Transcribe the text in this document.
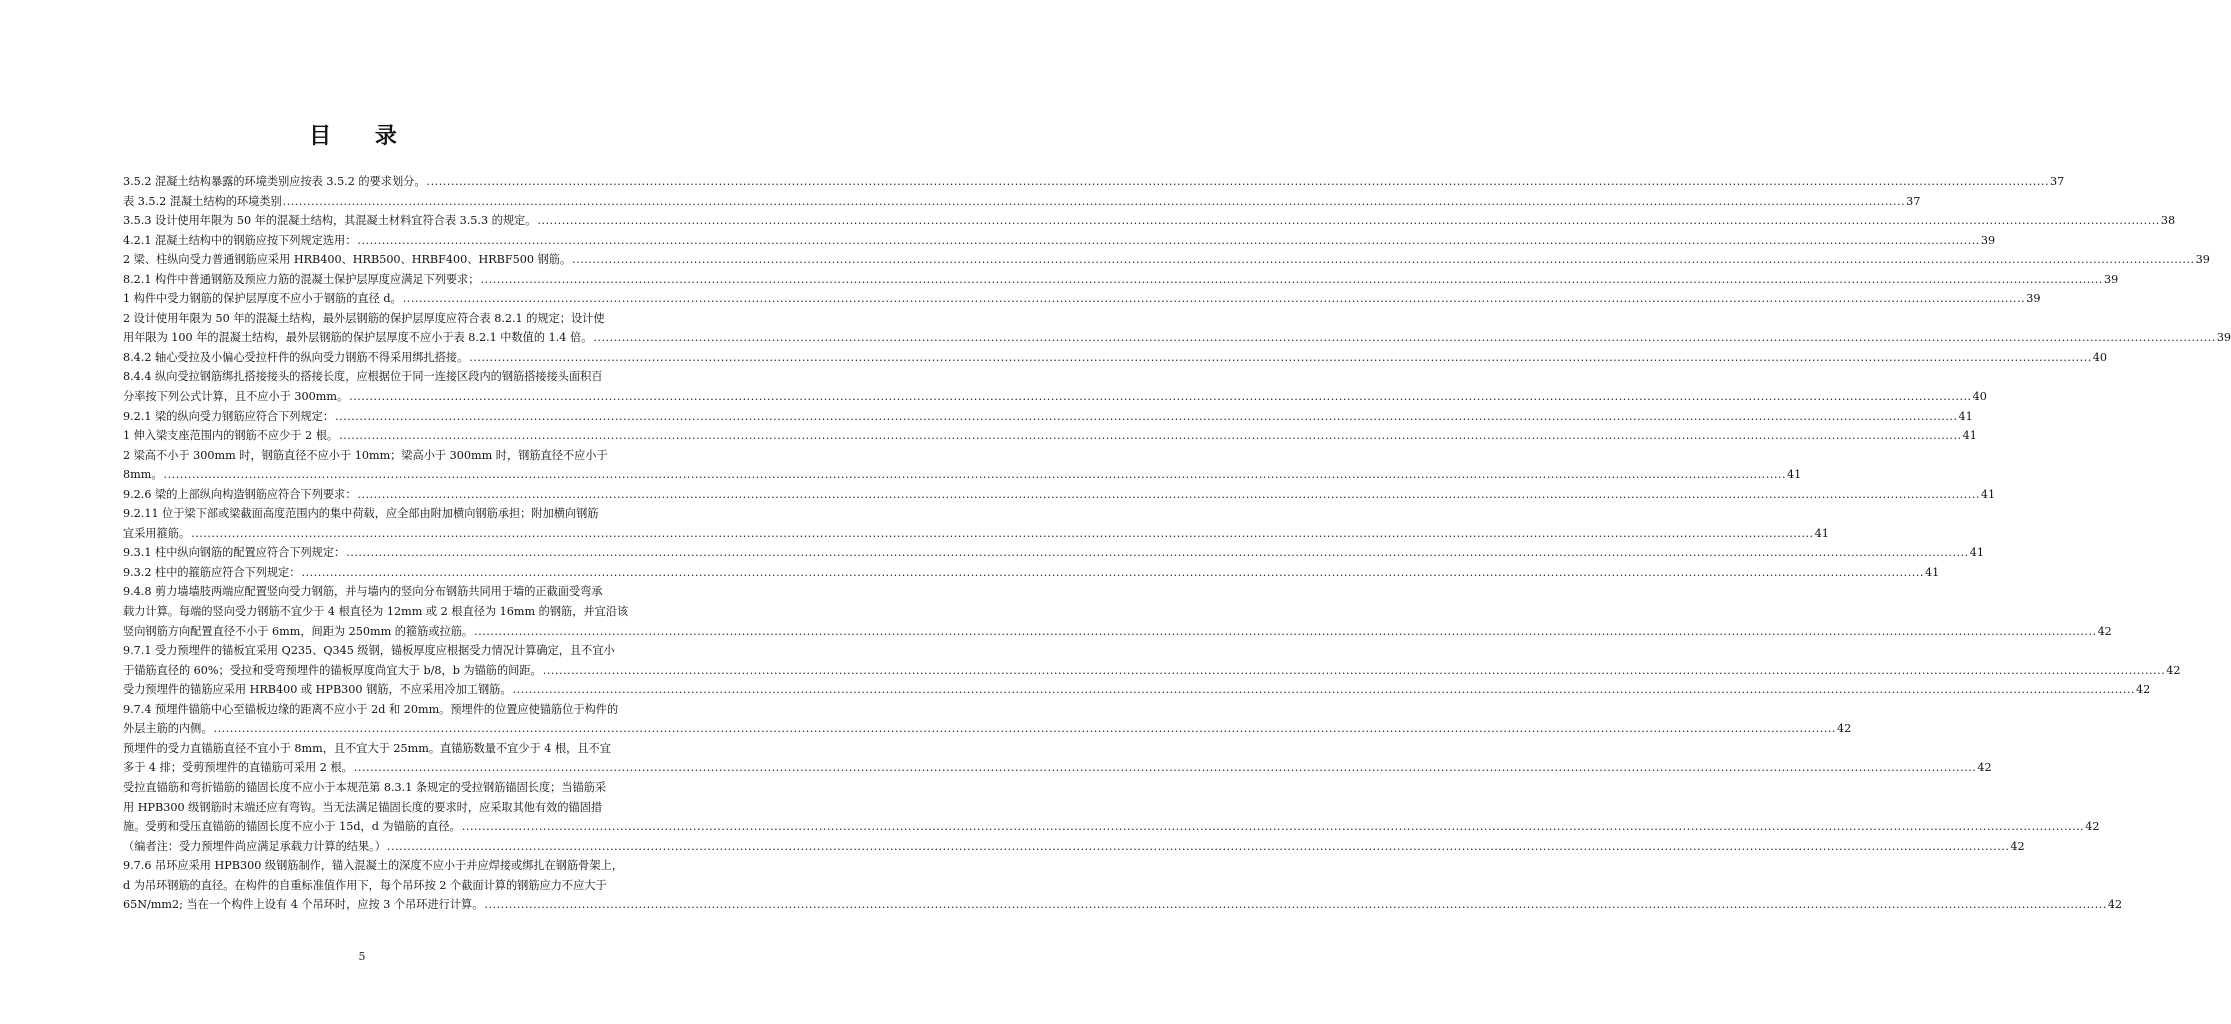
目 录
3.5.2 混凝土结构暴露的环境类别应按表 3.5.2 的要求划分。 ................................................................................................................................................................................................................................................................................................................................................................................................................ 37
表 3.5.2 混凝土结构的环境类别 ................................................................................................................................................................................................................................................................................................................................................................................................................ 37
3.5.3 设计使用年限为 50 年的混凝土结构，其混凝土材料宜符合表 3.5.3 的规定。 ................................................................................................................................................................................................................................................................................................................................................................................................................ 38
4.2.1 混凝土结构中的钢筋应按下列规定选用： ................................................................................................................................................................................................................................................................................................................................................................................................................ 39
2 梁、柱纵向受力普通钢筋应采用 HRB400、HRB500、HRBF400、HRBF500 钢筋。 ................................................................................................................................................................................................................................................................................................................................................................................................................ 39
8.2.1 构件中普通钢筋及预应力筋的混凝土保护层厚度应满足下列要求； ................................................................................................................................................................................................................................................................................................................................................................................................................ 39
1 构件中受力钢筋的保护层厚度不应小于钢筋的直径 d。 ................................................................................................................................................................................................................................................................................................................................................................................................................ 39
2 设计使用年限为 50 年的混凝土结构，最外层钢筋的保护层厚度应符合表 8.2.1 的规定；设计使
用年限为 100 年的混凝土结构，最外层钢筋的保护层厚度不应小于表 8.2.1 中数值的 1.4 倍。 ................................................................................................................................................................................................................................................................................................................................................................................................................ 39
8.4.2 轴心受拉及小偏心受拉杆件的纵向受力钢筋不得采用绑扎搭接。 ................................................................................................................................................................................................................................................................................................................................................................................................................ 40
8.4.4 纵向受拉钢筋绑扎搭接接头的搭接长度，应根据位于同一连接区段内的钢筋搭接接头面积百
分率按下列公式计算，且不应小于 300mm。 ................................................................................................................................................................................................................................................................................................................................................................................................................ 40
9.2.1 梁的纵向受力钢筋应符合下列规定： ................................................................................................................................................................................................................................................................................................................................................................................................................ 41
1 伸入梁支座范围内的钢筋不应少于 2 根。 ................................................................................................................................................................................................................................................................................................................................................................................................................ 41
2 梁高不小于 300mm 时，钢筋直径不应小于 10mm；梁高小于 300mm 时，钢筋直径不应小于
8mm。 ................................................................................................................................................................................................................................................................................................................................................................................................................ 41
9.2.6 梁的上部纵向构造钢筋应符合下列要求： ................................................................................................................................................................................................................................................................................................................................................................................................................ 41
9.2.11 位于梁下部或梁截面高度范围内的集中荷载，应全部由附加横向钢筋承担；附加横向钢筋
宜采用箍筋。 ................................................................................................................................................................................................................................................................................................................................................................................................................ 41
9.3.1 柱中纵向钢筋的配置应符合下列规定： ................................................................................................................................................................................................................................................................................................................................................................................................................ 41
9.3.2 柱中的箍筋应符合下列规定： ................................................................................................................................................................................................................................................................................................................................................................................................................ 41
9.4.8 剪力墙墙肢两端应配置竖向受力钢筋，并与墙内的竖向分布钢筋共同用于墙的正截面受弯承
载力计算。每端的竖向受力钢筋不宜少于 4 根直径为 12mm 或 2 根直径为 16mm 的钢筋，并宜沿该
竖向钢筋方向配置直径不小于 6mm，间距为 250mm 的箍筋或拉筋。 ................................................................................................................................................................................................................................................................................................................................................................................................................ 42
9.7.1 受力预埋件的锚板宜采用 Q235、Q345 级钢，锚板厚度应根据受力情况计算确定，且不宜小
于锚筋直径的 60%；受拉和受弯预埋件的锚板厚度尚宜大于 b/8，b 为锚筋的间距。 ................................................................................................................................................................................................................................................................................................................................................................................................................ 42
受力预埋件的锚筋应采用 HRB400 或 HPB300 钢筋，不应采用冷加工钢筋。 ................................................................................................................................................................................................................................................................................................................................................................................................................ 42
9.7.4 预埋件锚筋中心至锚板边缘的距离不应小于 2d 和 20mm。预埋件的位置应使锚筋位于构件的
外层主筋的内侧。 ................................................................................................................................................................................................................................................................................................................................................................................................................ 42
预埋件的受力直锚筋直径不宜小于 8mm，且不宜大于 25mm。直锚筋数量不宜少于 4 根，且不宜
多于 4 排；受剪预埋件的直锚筋可采用 2 根。 ................................................................................................................................................................................................................................................................................................................................................................................................................ 42
受拉直锚筋和弯折锚筋的锚固长度不应小于本规范第 8.3.1 条规定的受拉钢筋锚固长度；当锚筋采
用 HPB300 级钢筋时末端还应有弯钩。当无法满足锚固长度的要求时，应采取其他有效的锚固措
施。受剪和受压直锚筋的锚固长度不应小于 15d，d 为锚筋的直径。 ................................................................................................................................................................................................................................................................................................................................................................................................................ 42
（编者注：受力预埋件尚应满足承载力计算的结果。） ................................................................................................................................................................................................................................................................................................................................................................................................................ 42
9.7.6 吊环应采用 HPB300 级钢筋制作，锚入混凝土的深度不应小于并应焊接或绑扎在钢筋骨架上，
d 为吊环钢筋的直径。在构件的自重标准值作用下，每个吊环按 2 个截面计算的钢筋应力不应大于
65N/mm2; 当在一个构件上设有 4 个吊环时，应按 3 个吊环进行计算。 ................................................................................................................................................................................................................................................................................................................................................................................................................ 42
5
